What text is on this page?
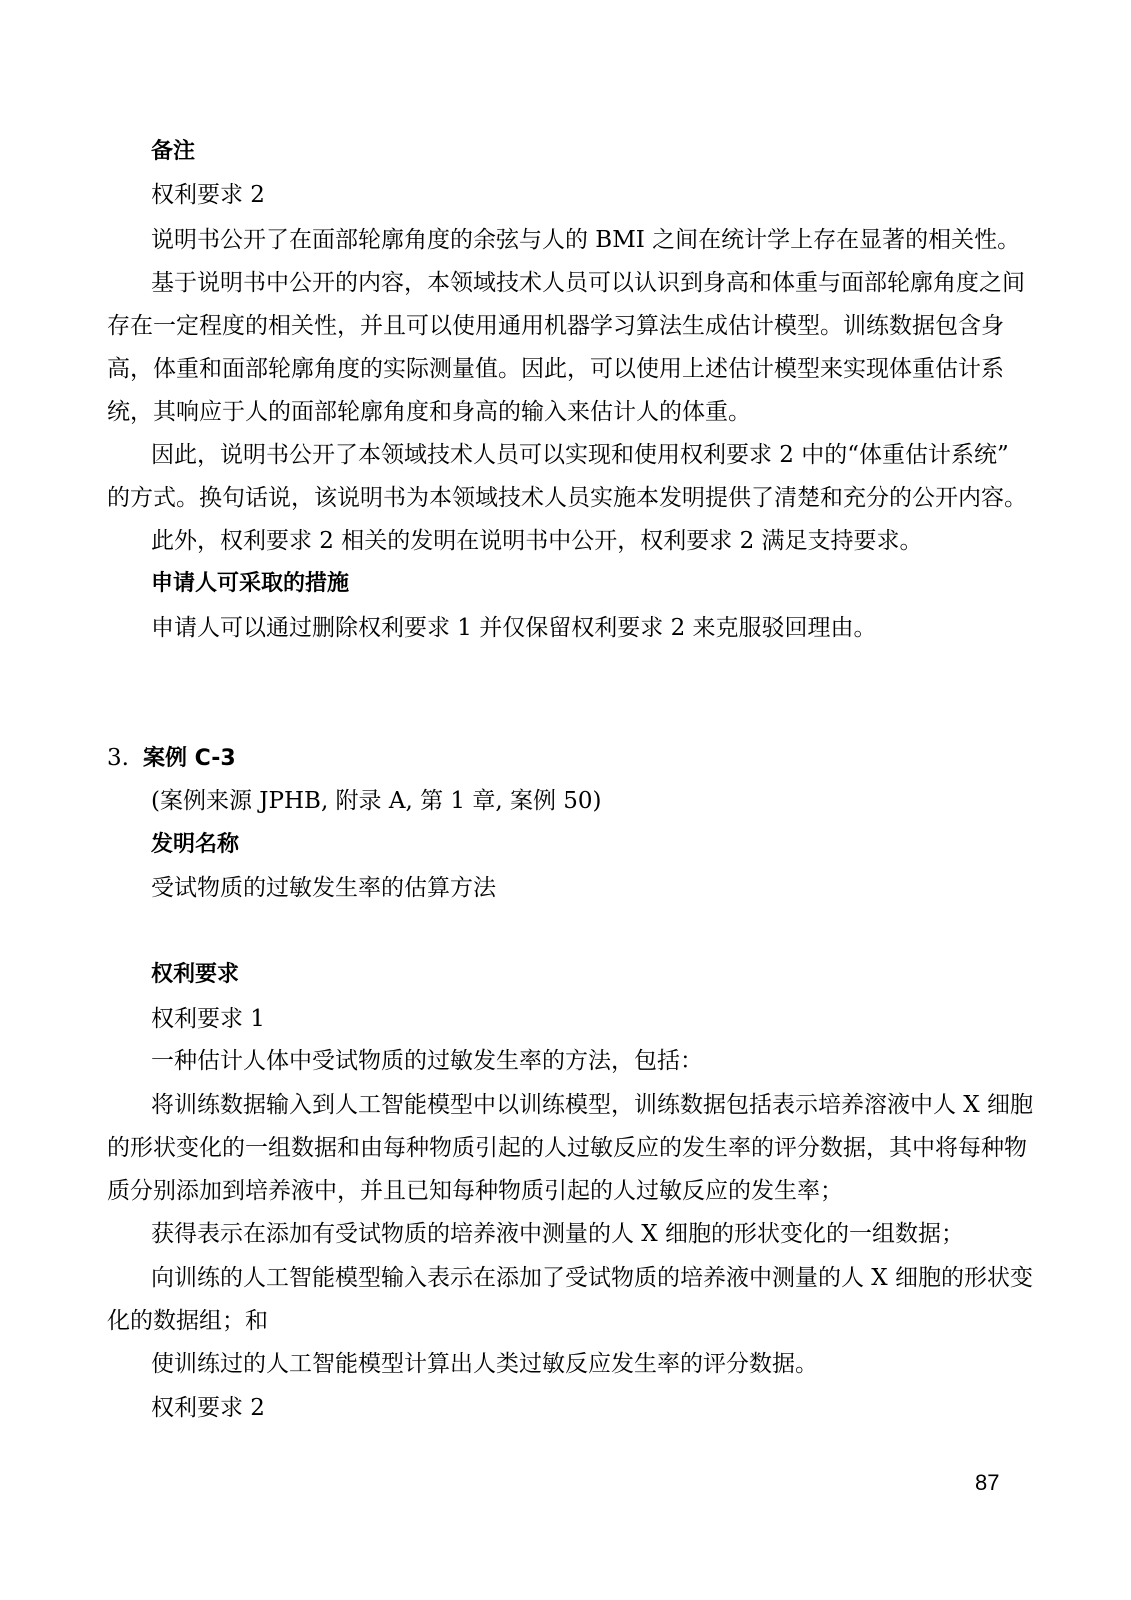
备注
权利要求 2
说明书公开了在面部轮廓角度的余弦与人的 BMI 之间在统计学上存在显著的相关性。
基于说明书中公开的内容，本领域技术人员可以认识到身高和体重与面部轮廓角度之间
存在一定程度的相关性，并且可以使用通用机器学习算法生成估计模型。训练数据包含身
高，体重和面部轮廓角度的实际测量值。因此，可以使用上述估计模型来实现体重估计系
统，其响应于人的面部轮廓角度和身高的输入来估计人的体重。
因此，说明书公开了本领域技术人员可以实现和使用权利要求 2 中的“体重估计系统”
的方式。换句话说，该说明书为本领域技术人员实施本发明提供了清楚和充分的公开内容。
此外，权利要求 2 相关的发明在说明书中公开，权利要求 2 满足支持要求。
申请人可采取的措施
申请人可以通过删除权利要求 1 并仅保留权利要求 2 来克服驳回理由。
3. 案例 C-3
(案例来源 JPHB, 附录 A, 第 1 章, 案例 50)
发明名称
受试物质的过敏发生率的估算方法
权利要求
权利要求 1
一种估计人体中受试物质的过敏发生率的方法，包括：
将训练数据输入到人工智能模型中以训练模型，训练数据包括表示培养溶液中人 X 细胞
的形状变化的一组数据和由每种物质引起的人过敏反应的发生率的评分数据，其中将每种物
质分别添加到培养液中，并且已知每种物质引起的人过敏反应的发生率；
获得表示在添加有受试物质的培养液中测量的人 X 细胞的形状变化的一组数据；
向训练的人工智能模型输入表示在添加了受试物质的培养液中测量的人 X 细胞的形状变
化的数据组；和
使训练过的人工智能模型计算出人类过敏反应发生率的评分数据。
权利要求 2
87
